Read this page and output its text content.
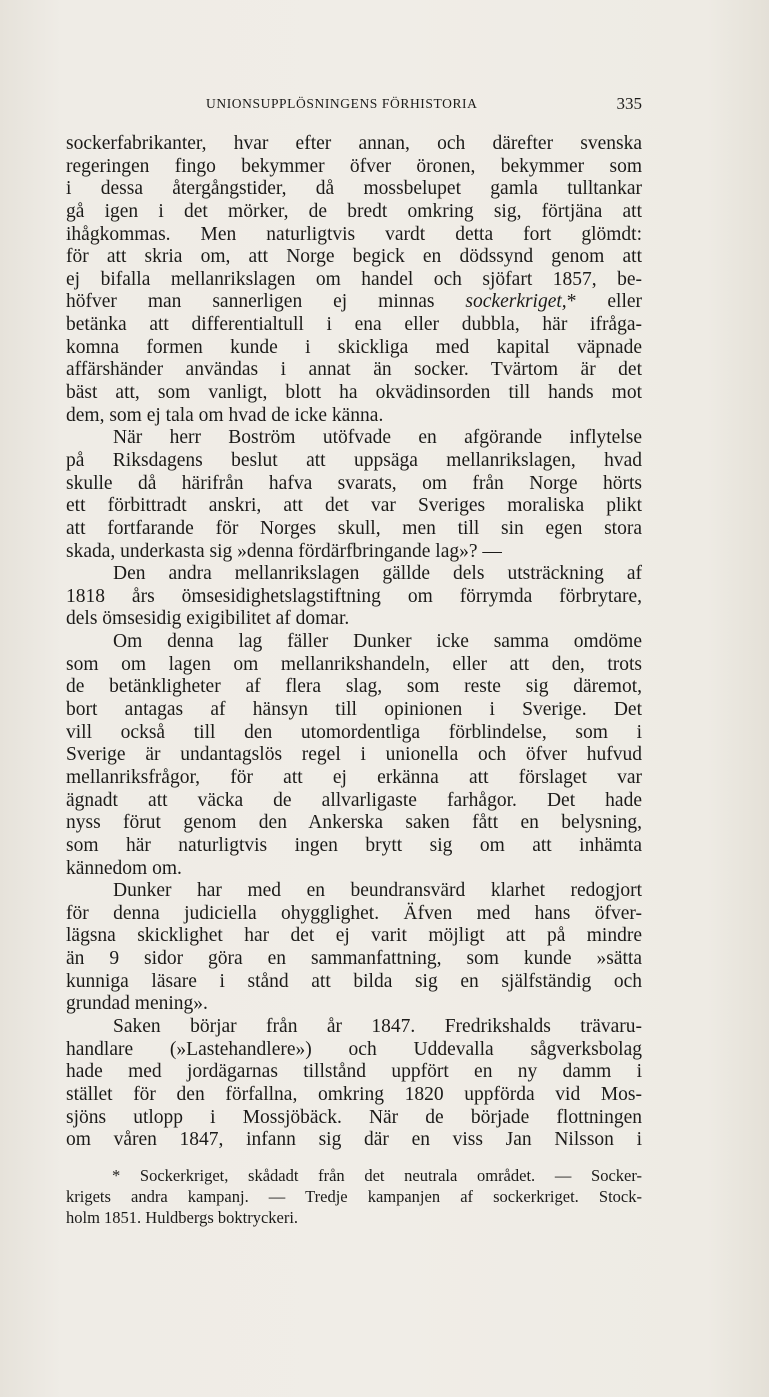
UNIONSUPPLÖSNINGENS FÖRHISTORIA	335
sockerfabrikanter, hvar efter annan, och därefter svenska
regeringen fingo bekymmer öfver öronen, bekymmer som
i dessa återgångstider, då mossbelupet gamla tulltankar
gå igen i det mörker, de bredt omkring sig, förtjäna att
ihågkommas. Men naturligtvis vardt detta fort glömdt:
för att skria om, att Norge begick en dödssynd genom att
ej bifalla mellanrikslagen om handel och sjöfart 1857, be-
höfver man sannerligen ej minnas sockerkriget,* eller
betänka att differentialtull i ena eller dubbla, här ifråga-
komna formen kunde i skickliga med kapital väpnade
affärshänder användas i annat än socker. Tvärtom är det
bäst att, som vanligt, blott ha okvädinsorden till hands mot
dem, som ej tala om hvad de icke känna.
När herr Boström utöfvade en afgörande inflytelse
på Riksdagens beslut att uppsäga mellanrikslagen, hvad
skulle då härifrån hafva svarats, om från Norge hörts
ett förbittradt anskri, att det var Sveriges moraliska plikt
att fortfarande för Norges skull, men till sin egen stora
skada, underkasta sig »denna fördärfbringande lag»? —
Den andra mellanrikslagen gällde dels utsträckning af
1818 års ömsesidighetslagstiftning om förrymda förbrytare,
dels ömsesidig exigibilitet af domar.
Om denna lag fäller Dunker icke samma omdöme
som om lagen om mellanrikshandeln, eller att den, trots
de betänkligheter af flera slag, som reste sig däremot,
bort antagas af hänsyn till opinionen i Sverige. Det
vill också till den utomordentliga förblindelse, som i
Sverige är undantagslös regel i unionella och öfver hufvud
mellanriksfrågor, för att ej erkänna att förslaget var
ägnadt att väcka de allvarligaste farhågor. Det hade
nyss förut genom den Ankerska saken fått en belysning,
som här naturligtvis ingen brytt sig om att inhämta
kännedom om.
Dunker har med en beundransvärd klarhet redogjort
för denna judiciella ohygglighet. Äfven med hans öfver-
lägsna skicklighet har det ej varit möjligt att på mindre
än 9 sidor göra en sammanfattning, som kunde »sätta
kunniga läsare i stånd att bilda sig en själfständig och
grundad mening».
Saken börjar från år 1847. Fredrikshalds trävaru-
handlare (»Lastehandlere») och Uddevalla sågverksbolag
hade med jordägarnas tillstånd uppfört en ny damm i
stället för den förfallna, omkring 1820 uppförda vid Mos-
sjöns utlopp i Mossjöbäck. När de började flottningen
om våren 1847, infann sig där en viss Jan Nilsson i
* Sockerkriget, skådadt från det neutrala området. — Socker-
krigets andra kampanj. — Tredje kampanjen af sockerkriget. Stock-
holm 1851. Huldbergs boktryckeri.
